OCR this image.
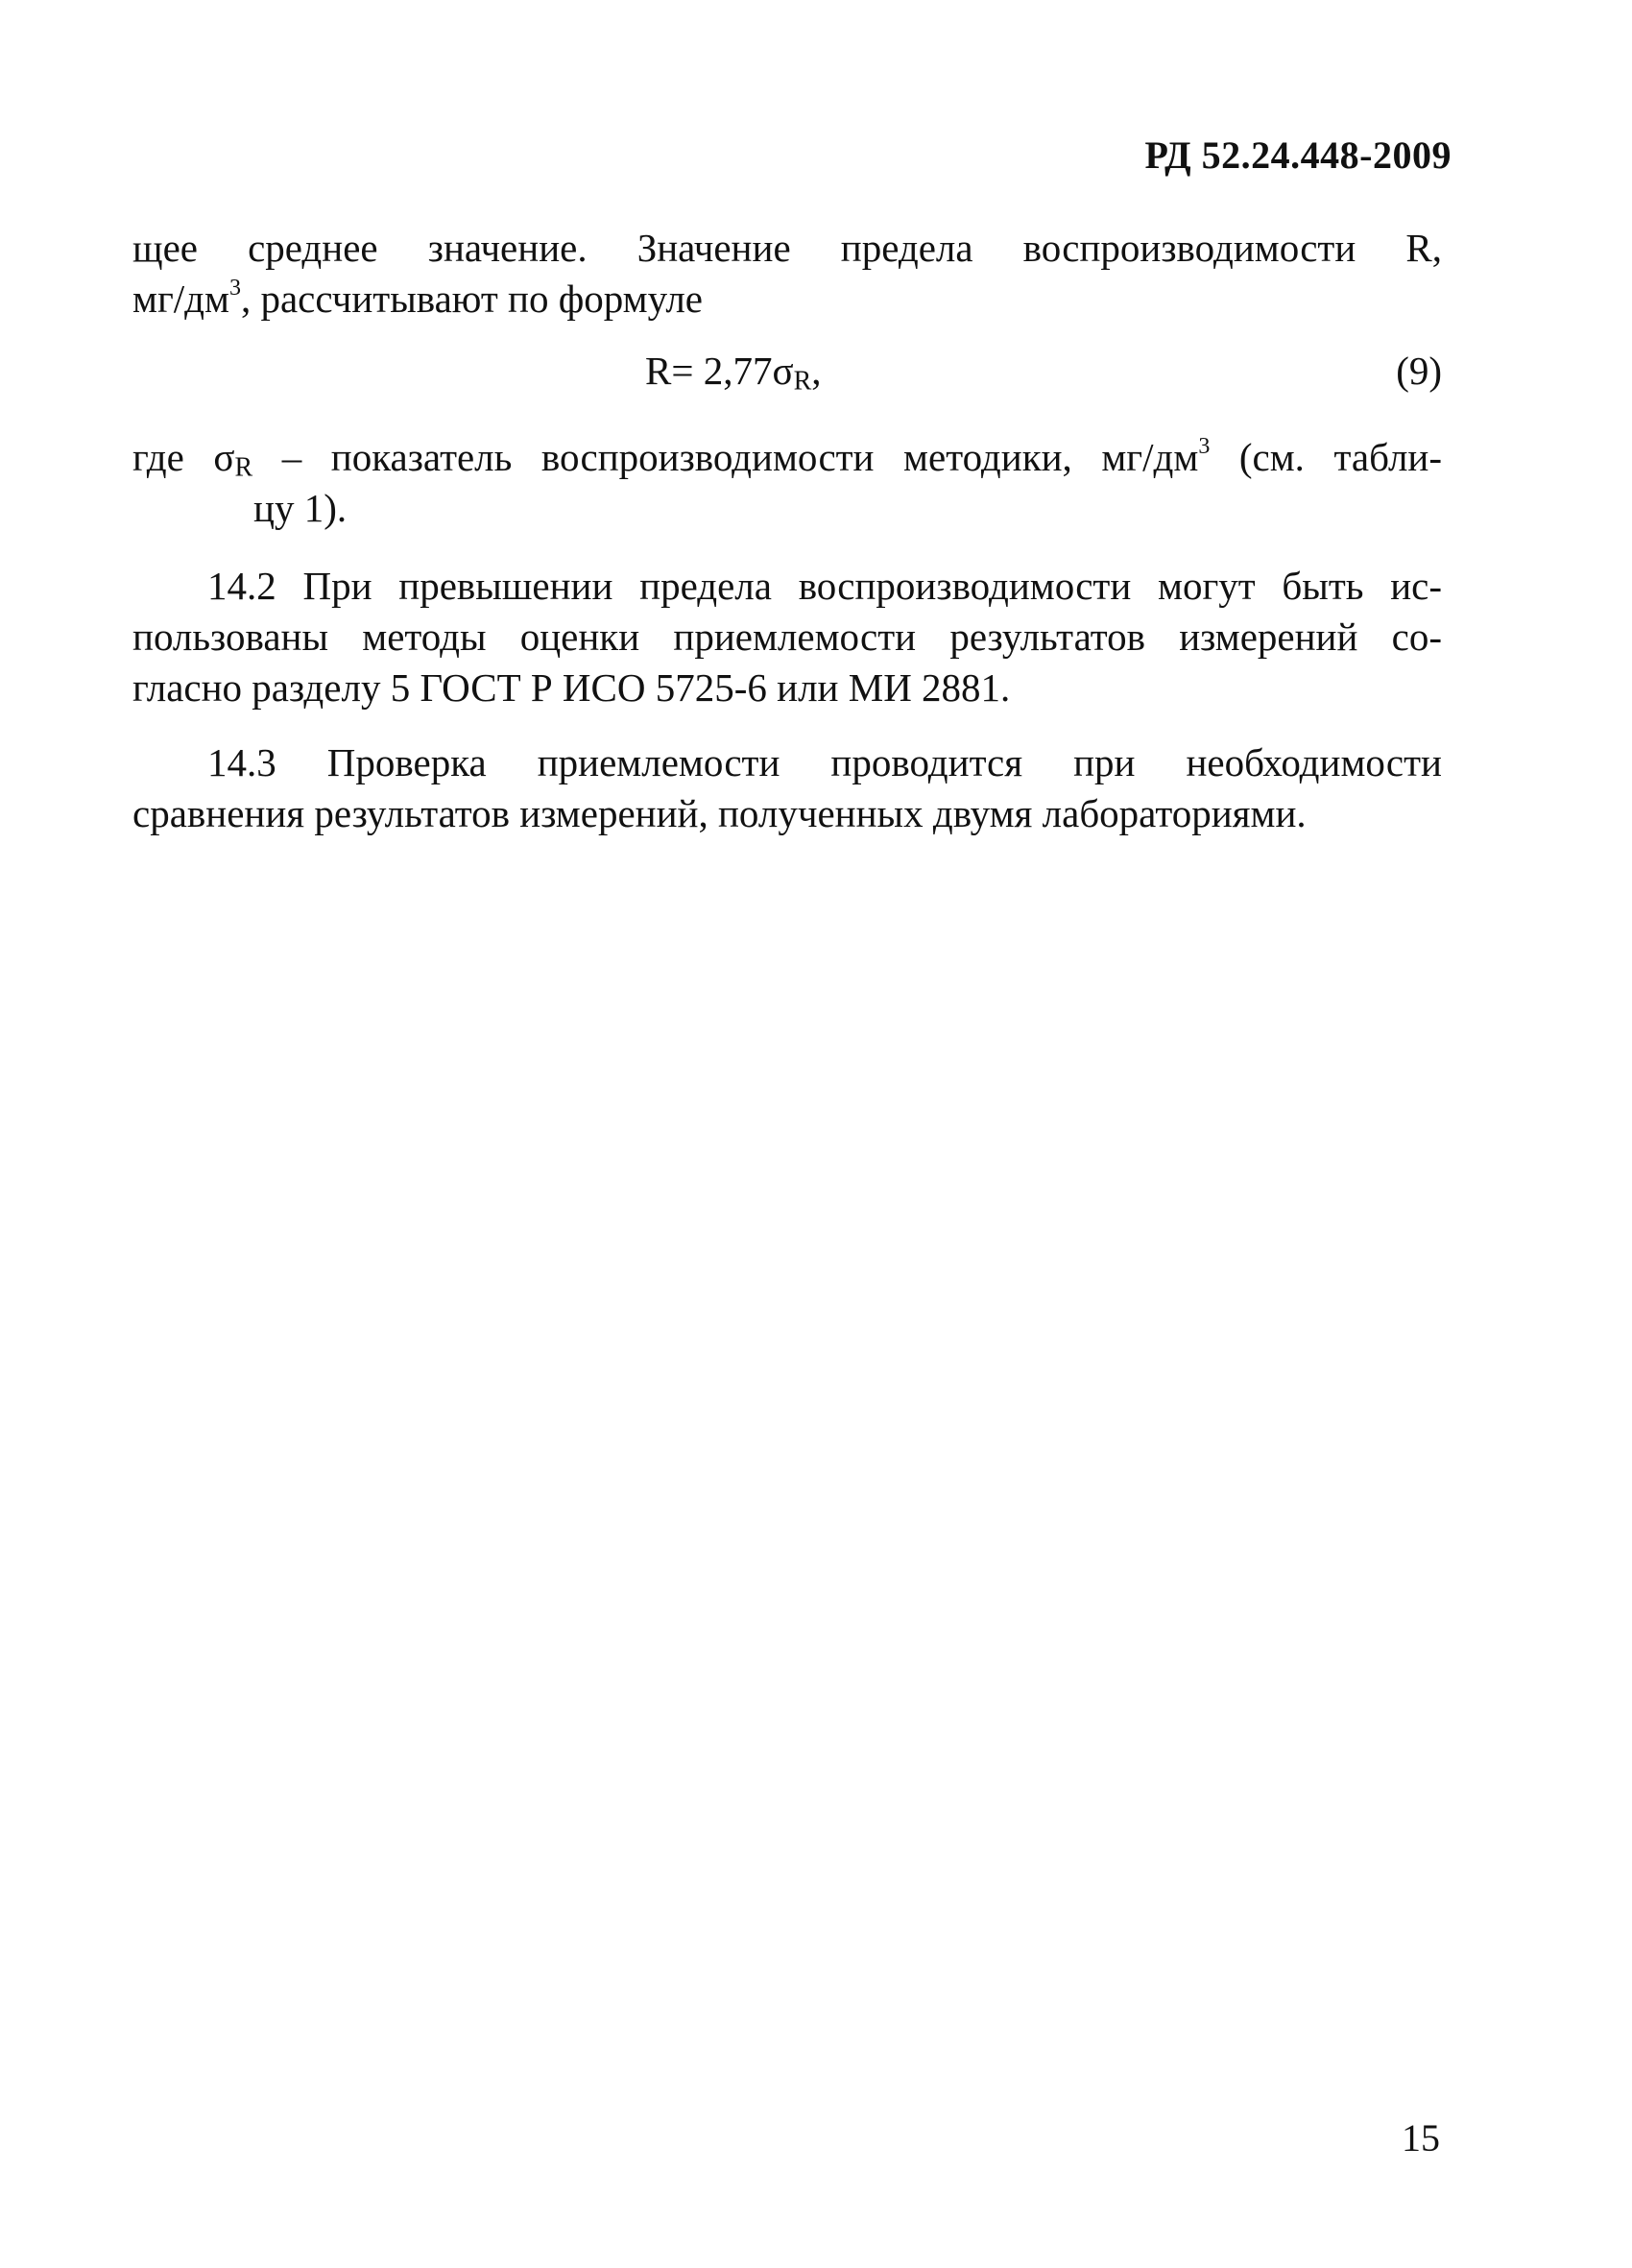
РД 52.24.448-2009
щее среднее значение. Значение предела воспроизводимости R,
$мг/дм^3$, рассчитывают по формуле
$R= 2,77\sigma_R$,	(9)
где $\sigma_R$ – показатель воспроизводимости методики, $мг/дм^3$ (см. табли-
цу 1).
14.2 При превышении предела воспроизводимости могут быть ис-
пользованы методы оценки приемлемости результатов измерений со-
гласно разделу 5 ГОСТ Р ИСО 5725-6 или МИ 2881.
14.3 Проверка приемлемости проводится при необходимости
сравнения результатов измерений, полученных двумя лабораториями.
15
